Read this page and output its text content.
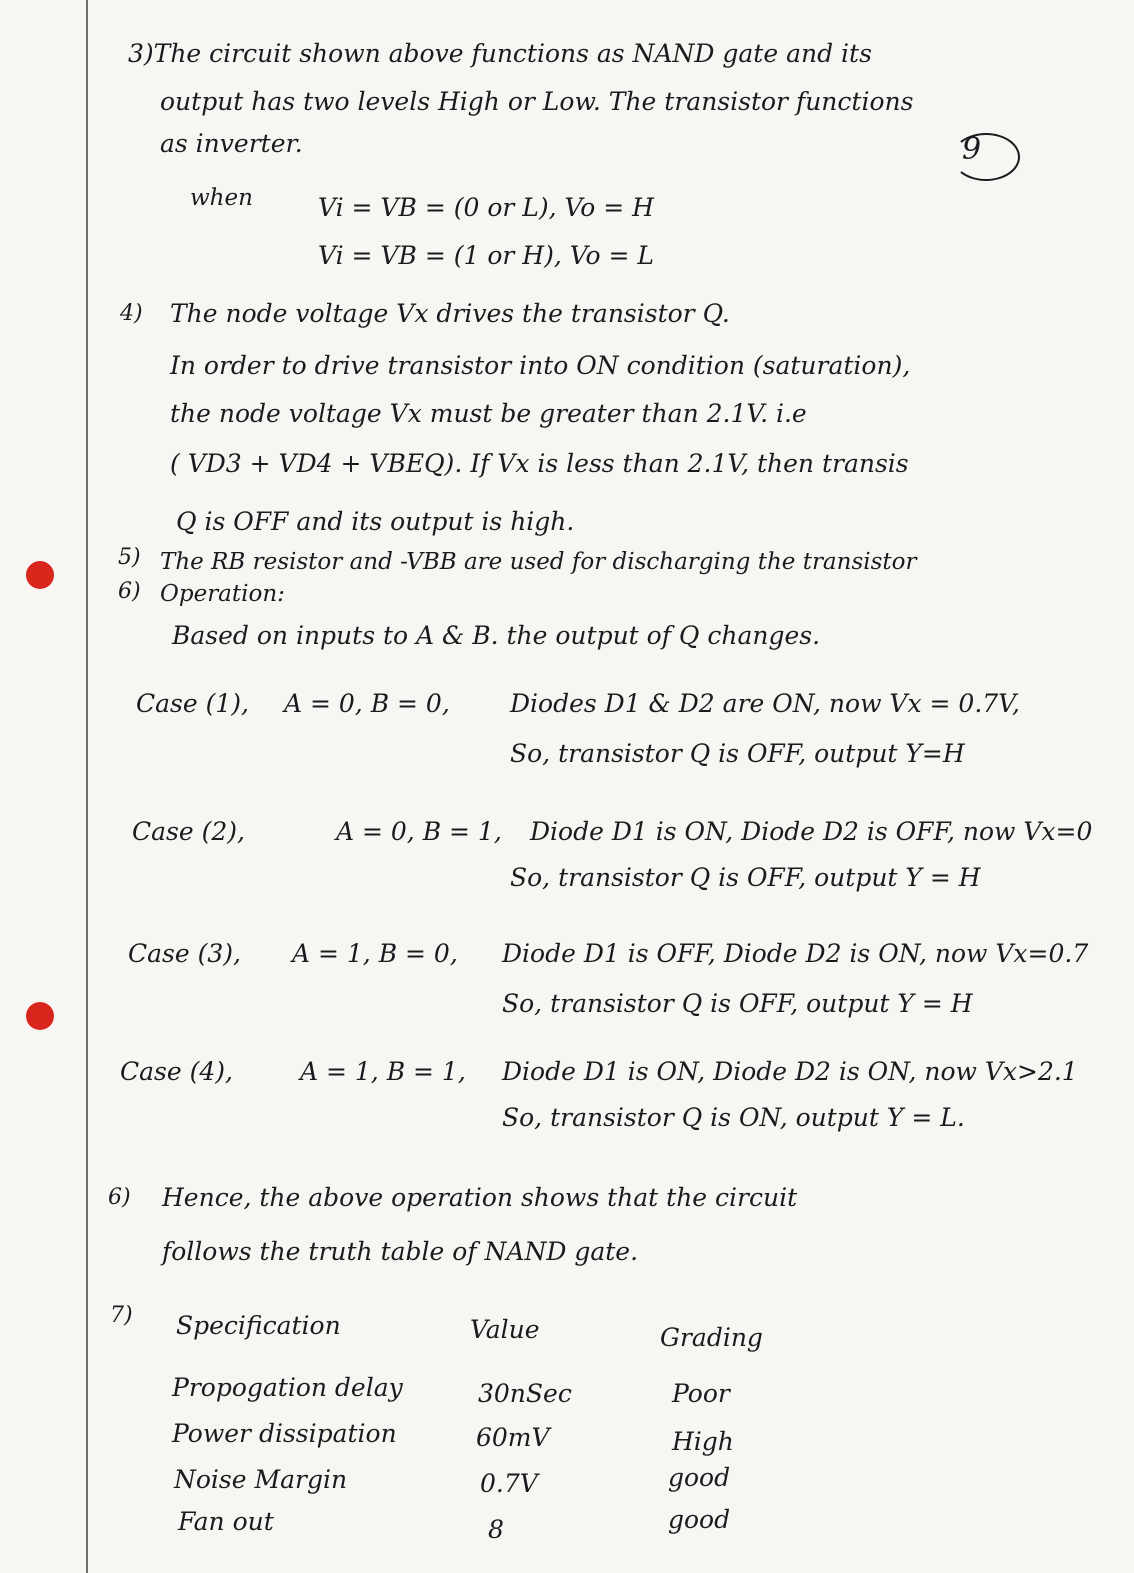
3)The circuit shown above functions as NAND gate and its
output has two levels High or Low. The transistor functions
as inverter.	9
when	Vi = VB = (0 or L), Vo = H
Vi = VB = (1 or H), Vo = L
4) The node voltage Vx drives the transistor Q.
In order to drive transistor into ON condition (saturation),
the node voltage Vx must be greater than 2.1V. i.e
( VD3 + VD4 + VBEQ). If Vx is less than 2.1V, then transis
Q is OFF and its output is high.
5) The RB resistor and -VBB are used for discharging the transistor
6) Operation:
Based on inputs to A & B. the output of Q changes.
Case (1), A = 0, B = 0, Diodes D1 & D2 are ON, now Vx = 0.7V,
So, transistor Q is OFF, output Y=H
Case (2),	A = 0, B = 1, Diode D1 is ON, Diode D2 is OFF, now Vx=0
So, transistor Q is OFF, output Y = H
Case (3), A = 1, B = 0, Diode D1 is OFF, Diode D2 is ON, now Vx=0.7
So, transistor Q is OFF, output Y = H
Case (4),	A = 1, B = 1, Diode D1 is ON, Diode D2 is ON, now Vx>2.1
So, transistor Q is ON, output Y = L.
6) Hence, the above operation shows that the circuit
follows the truth table of NAND gate.
7) Specification	Value	Grading
Propogation delay	30nSec	Poor
Power dissipation	60mV	High
Noise Margin	0.7V	good
Fan out	8	good
